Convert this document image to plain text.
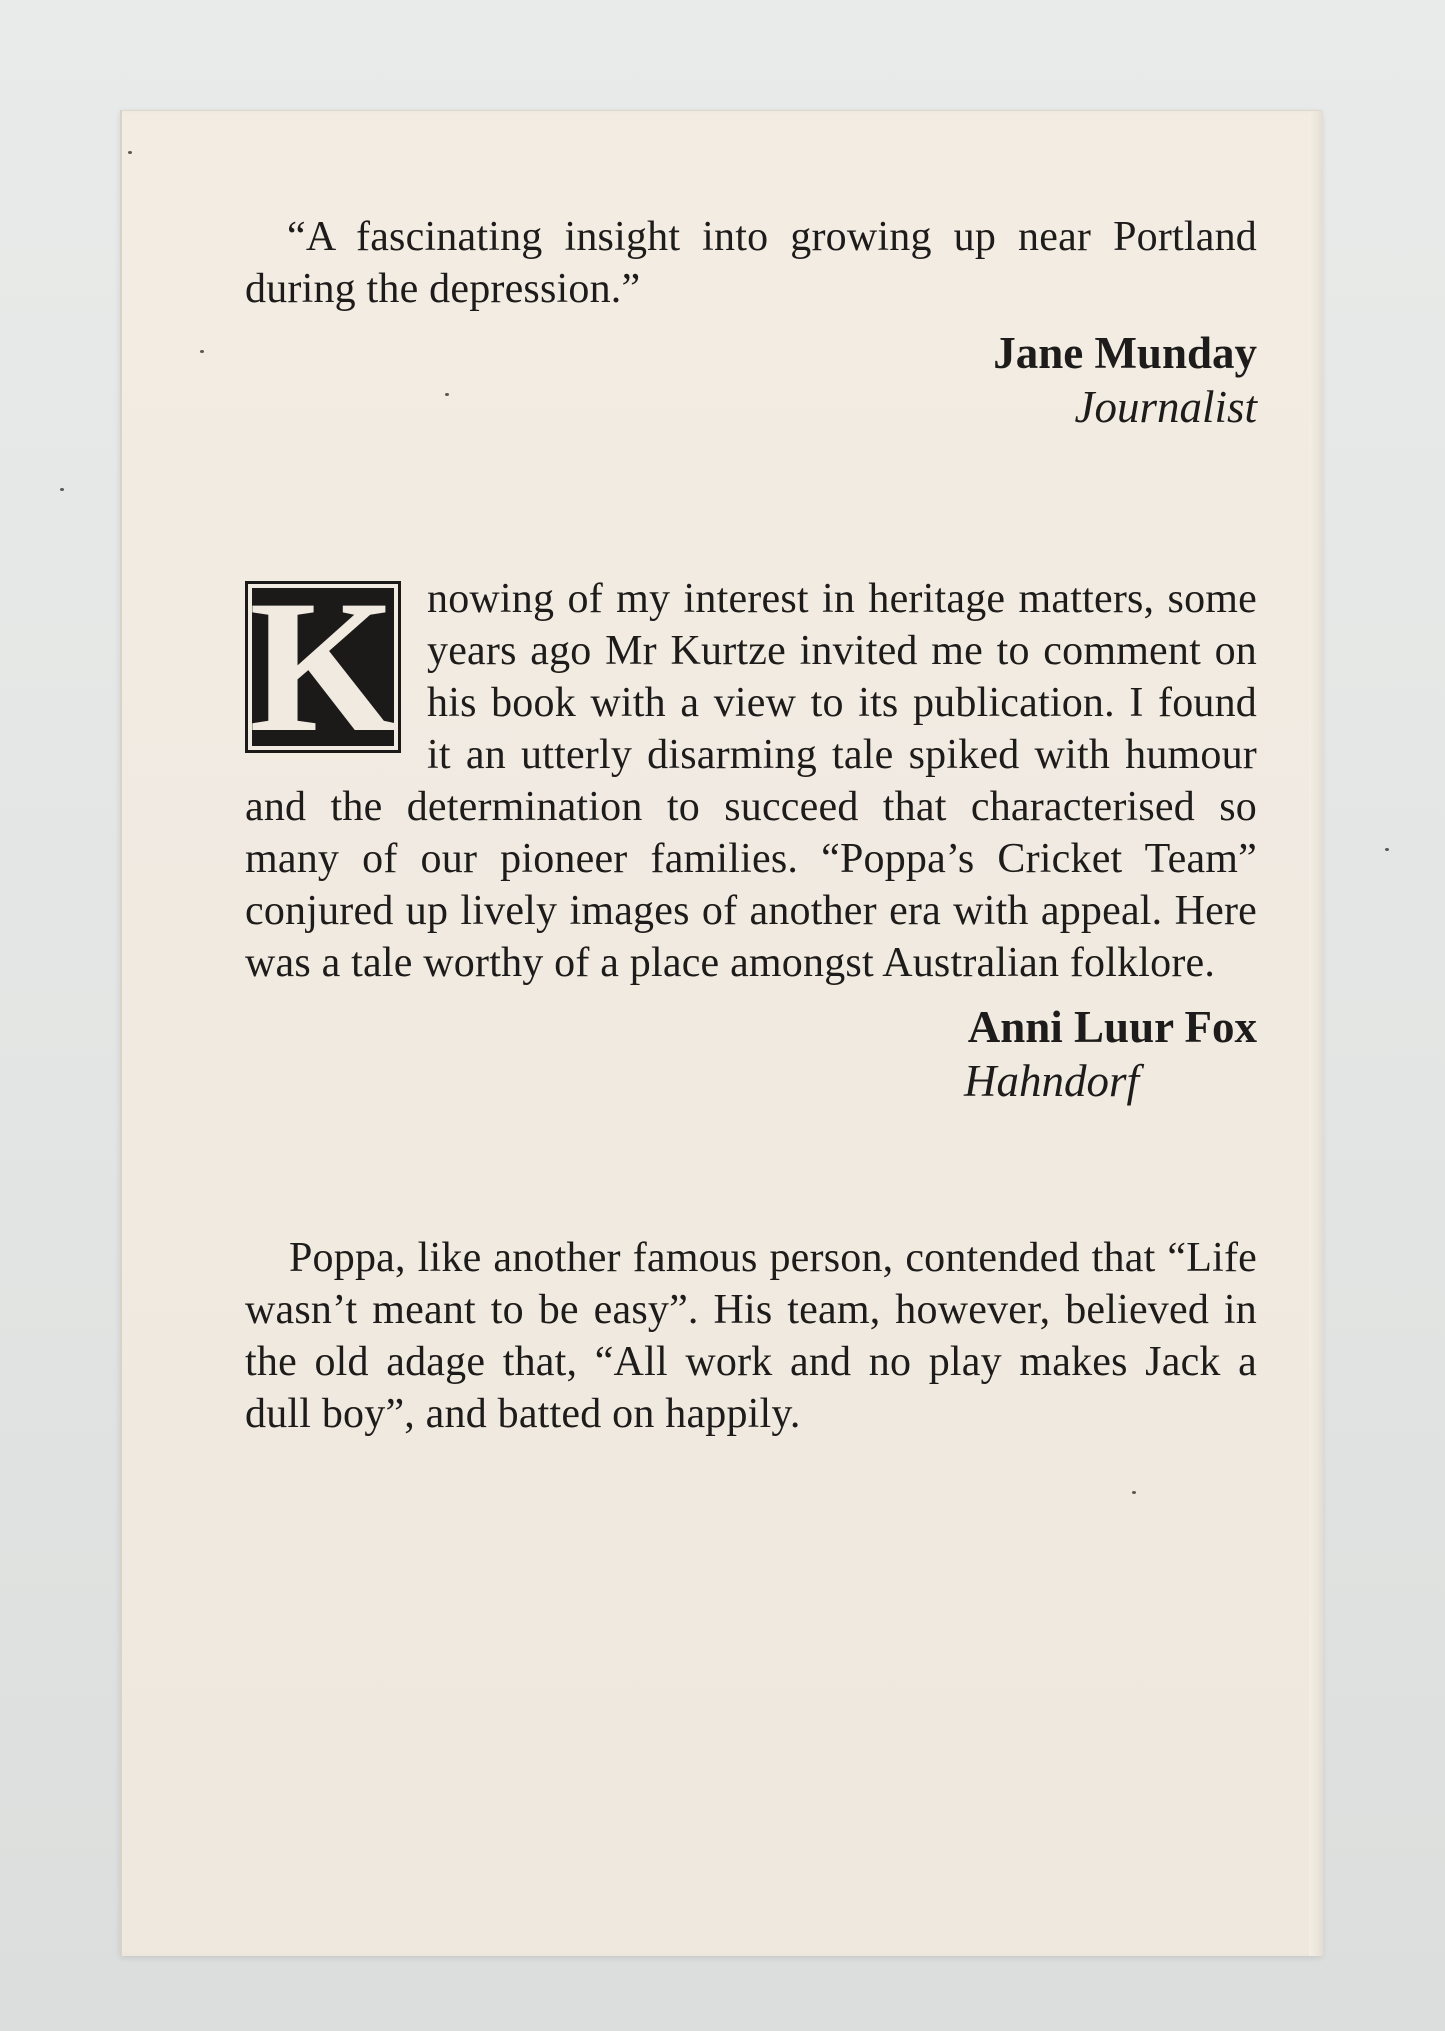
“A fascinating insight into growing up near Portland during the depression.”

Jane Munday
Journalist
K nowing of my interest in heritage matters, some years ago Mr Kurtze invited me to comment on his book with a view to its publication. I found it an utterly disarming tale spiked with humour and the determination to succeed that characterised so many of our pioneer families. “Poppa’s Cricket Team” conjured up lively images of another era with appeal. Here was a tale worthy of a place amongst Australian folklore.

Anni Luur Fox
Hahndorf

Poppa, like another famous person, contended that “Life wasn’t meant to be easy”. His team, however, believed in the old adage that, “All work and no play makes Jack a dull boy”, and batted on happily.
